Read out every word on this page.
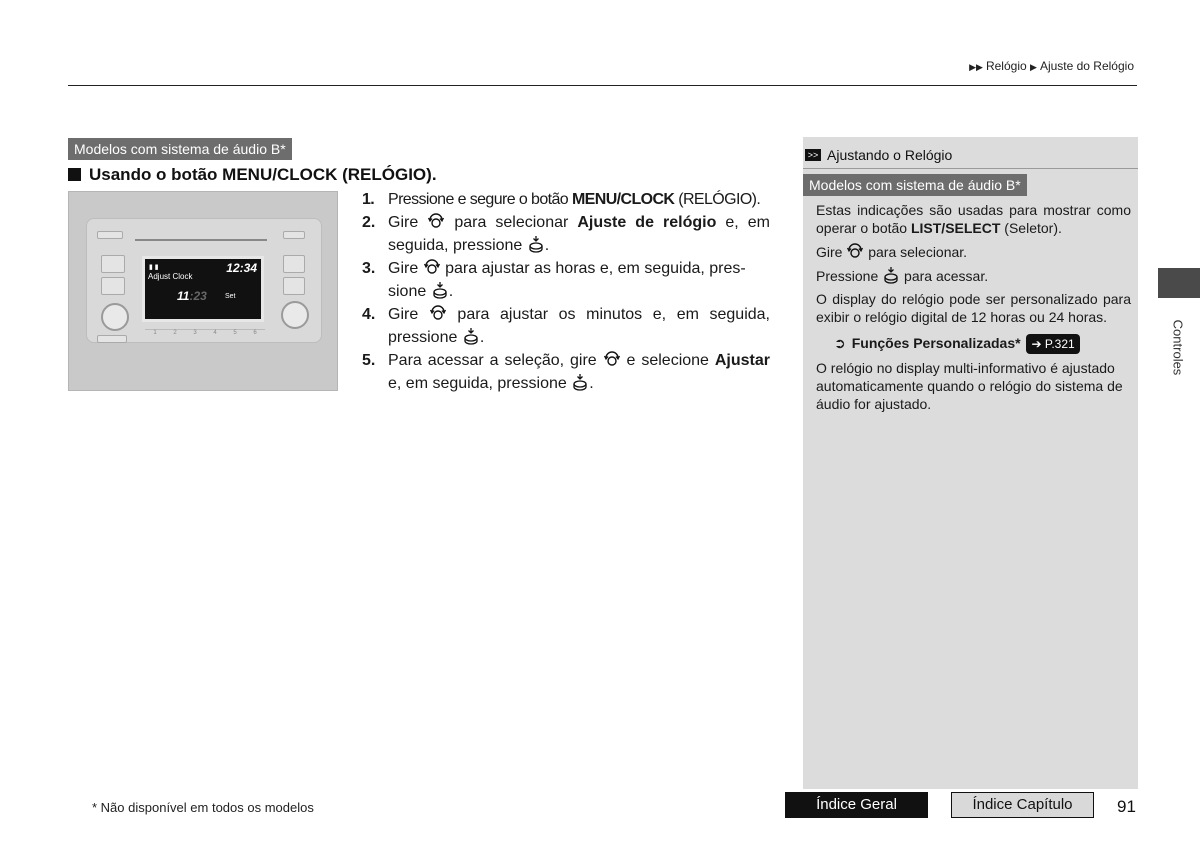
▶▶ Relógio ▶ Ajuste do Relógio
Modelos com sistema de áudio B*
Usando o botão MENU/CLOCK (RELÓGIO).
▮ ▮
Adjust Clock
12:34
11:23	Set
1	2	3	4	5	6
1. Pressione e segure o botão MENU/CLOCK (RELÓGIO).
2. Gire  para selecionar Ajuste de relógio e, em
seguida, pressione .
3. Gire  para ajustar as horas e, em seguida, pres-
sione .
4. Gire  para ajustar os minutos e, em seguida,
pressione .
5. Para acessar a seleção, gire  e selecione Ajustar
e, em seguida, pressione .
>> Ajustando o Relógio
Modelos com sistema de áudio B*

Estas indicações são usadas para mostrar como operar o botão LIST/SELECT (Seletor).

Gire  para selecionar.

Pressione  para acessar.

O display do relógio pode ser personalizado para exibir o relógio digital de 12 horas ou 24 horas.

➲ Funções Personalizadas* ➔ P.321

O relógio no display multi-informativo é ajustado automaticamente quando o relógio do sistema de áudio for ajustado.

Controles
* Não disponível em todos os modelos	Índice Geral	Índice Capítulo	91
